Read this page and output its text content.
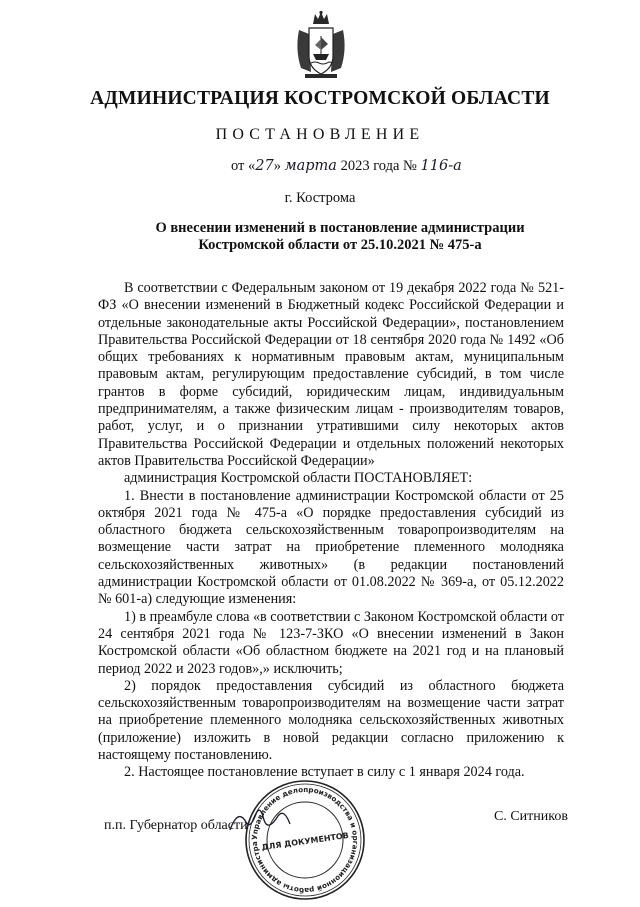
АДМИНИСТРАЦИЯ КОСТРОМСКОЙ ОБЛАСТИ
ПОСТАНОВЛЕНИЕ
от «27» марта 2023 года № 116-а
г. Кострома
О внесении изменений в постановление администрации
Костромской области от 25.10.2021 № 475-а

В соответствии с Федеральным законом от 19 декабря 2022 года № 521-ФЗ «О внесении изменений в Бюджетный кодекс Российской Федерации и отдельные законодательные акты Российской Федерации», постановлением Правительства Российской Федерации от 18 сентября 2020 года № 1492 «Об общих требованиях к нормативным правовым актам, муниципальным правовым актам, регулирующим предоставление субсидий, в том числе грантов в форме субсидий, юридическим лицам, индивидуальным предпринимателям, а также физическим лицам - производителям товаров, работ, услуг, и о признании утратившими силу некоторых актов Правительства Российской Федерации и отдельных положений некоторых актов Правительства Российской Федерации»

администрация Костромской области ПОСТАНОВЛЯЕТ:

1. Внести в постановление администрации Костромской области от 25 октября 2021 года № 475-а «О порядке предоставления субсидий из областного бюджета сельскохозяйственным товаропроизводителям на возмещение части затрат на приобретение племенного молодняка сельскохозяйственных животных» (в редакции постановлений администрации Костромской области от 01.08.2022 № 369-а, от 05.12.2022 № 601-а) следующие изменения:

1) в преамбуле слова «в соответствии с Законом Костромской области от 24 сентября 2021 года № 123-7-ЗКО «О внесении изменений в Закон Костромской области «Об областном бюджете на 2021 год и на плановый период 2022 и 2023 годов»,» исключить;

2) порядок предоставления субсидий из областного бюджета сельскохозяйственным товаропроизводителям на возмещение части затрат на приобретение племенного молодняка сельскохозяйственных животных (приложение) изложить в новой редакции согласно приложению к настоящему постановлению.

2. Настоящее постановление вступает в силу с 1 января 2024 года.

п.п. Губернатор области
С. Ситников
Управление делопроизводства и организационной работы администра ДЛЯ ДОКУМЕНТОВ
